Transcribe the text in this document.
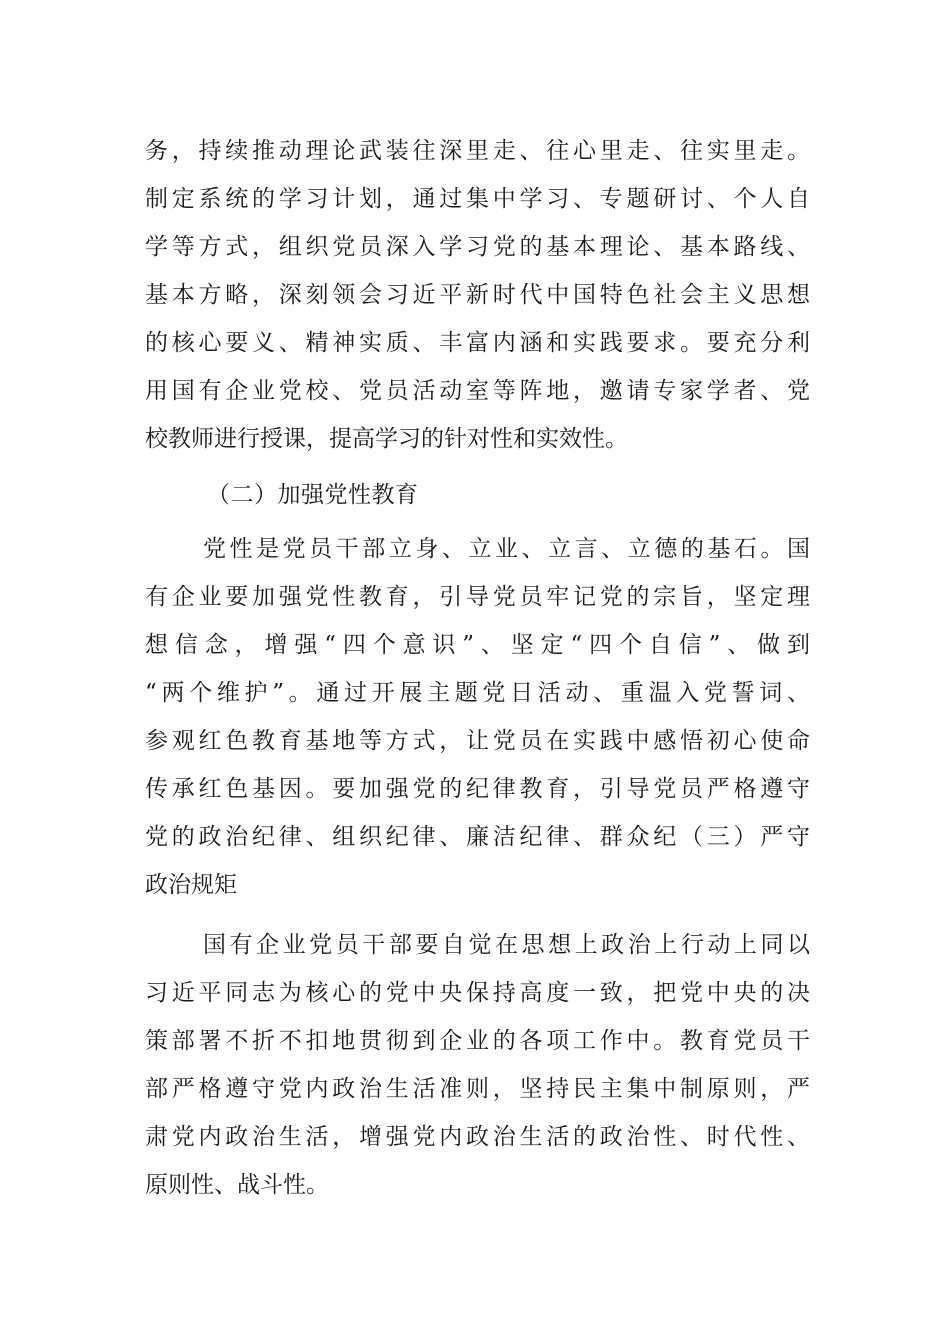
务，持续推动理论武装往深里走、往心里走、往实里走。
制定系统的学习计划，通过集中学习、专题研讨、个人自
学等方式，组织党员深入学习党的基本理论、基本路线、
基本方略，深刻领会习近平新时代中国特色社会主义思想
的核心要义、精神实质、丰富内涵和实践要求。要充分利
用国有企业党校、党员活动室等阵地，邀请专家学者、党
校教师进行授课，提高学习的针对性和实效性。
（二）加强党性教育
党性是党员干部立身、立业、立言、立德的基石。国
有企业要加强党性教育，引导党员牢记党的宗旨，坚定理
想信念，增强“四个意识”、坚定“四个自信”、做到
“两个维护”。通过开展主题党日活动、重温入党誓词、
参观红色教育基地等方式，让党员在实践中感悟初心使命
传承红色基因。要加强党的纪律教育，引导党员严格遵守
党的政治纪律、组织纪律、廉洁纪律、群众纪（三）严守
政治规矩
国有企业党员干部要自觉在思想上政治上行动上同以
习近平同志为核心的党中央保持高度一致，把党中央的决
策部署不折不扣地贯彻到企业的各项工作中。教育党员干
部严格遵守党内政治生活准则，坚持民主集中制原则，严
肃党内政治生活，增强党内政治生活的政治性、时代性、
原则性、战斗性。
